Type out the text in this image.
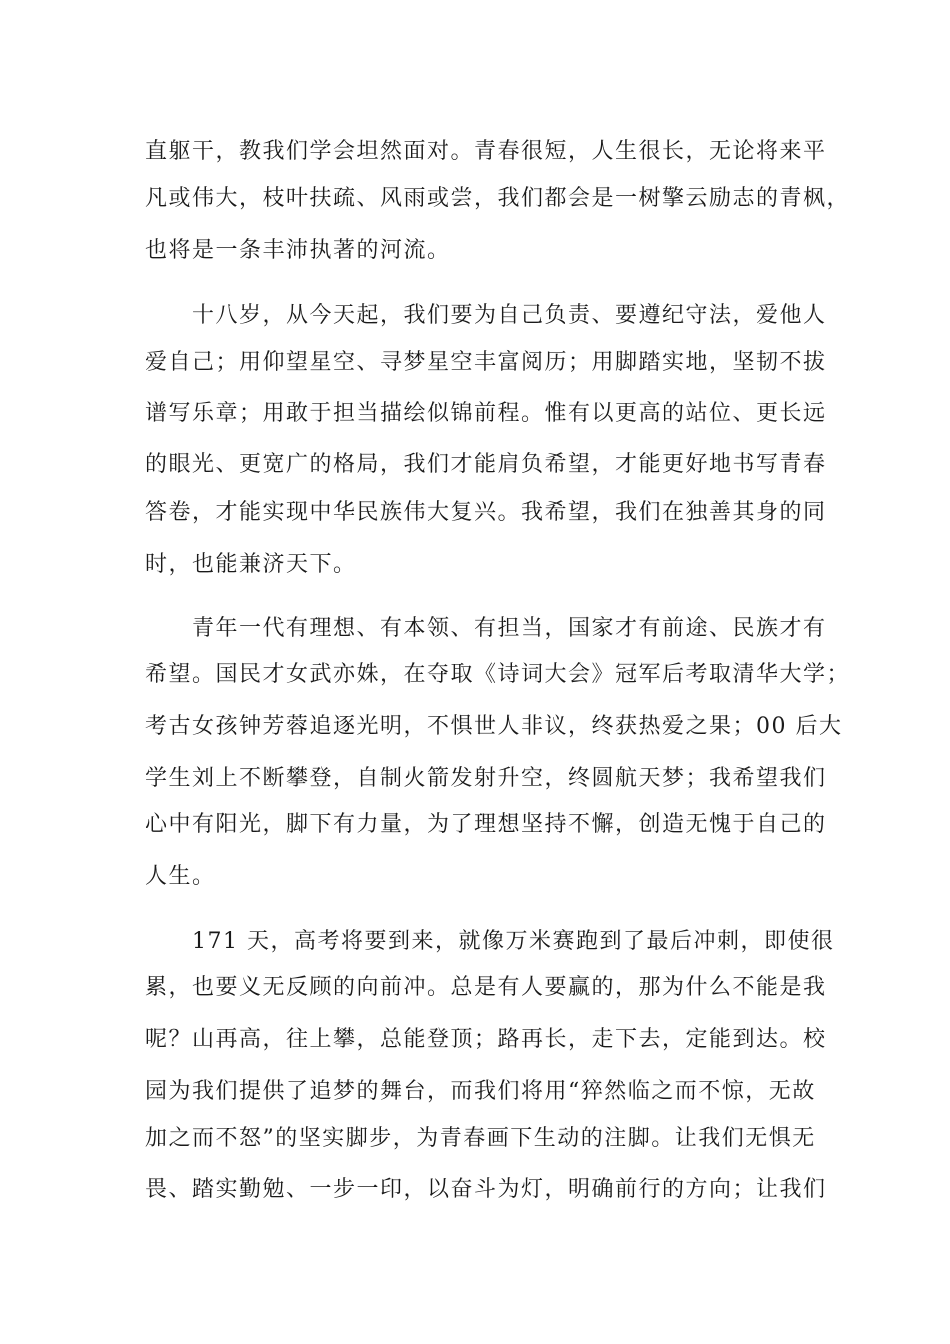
直躯干，教我们学会坦然面对。青春很短，人生很长，无论将来平
凡或伟大，枝叶扶疏、风雨或尝，我们都会是一树擎云励志的青枫，
也将是一条丰沛执著的河流。
十八岁，从今天起，我们要为自己负责、要遵纪守法，爱他人
爱自己；用仰望星空、寻梦星空丰富阅历；用脚踏实地，坚韧不拔
谱写乐章；用敢于担当描绘似锦前程。惟有以更高的站位、更长远
的眼光、更宽广的格局，我们才能肩负希望，才能更好地书写青春
答卷，才能实现中华民族伟大复兴。我希望，我们在独善其身的同
时，也能兼济天下。
青年一代有理想、有本领、有担当，国家才有前途、民族才有
希望。国民才女武亦姝，在夺取《诗词大会》冠军后考取清华大学；
考古女孩钟芳蓉追逐光明，不惧世人非议，终获热爱之果；00 后大
学生刘上不断攀登，自制火箭发射升空，终圆航天梦；我希望我们
心中有阳光，脚下有力量，为了理想坚持不懈，创造无愧于自己的
人生。
171 天，高考将要到来，就像万米赛跑到了最后冲刺，即使很
累，也要义无反顾的向前冲。总是有人要赢的，那为什么不能是我
呢？山再高，往上攀，总能登顶；路再长，走下去，定能到达。校
园为我们提供了追梦的舞台，而我们将用“猝然临之而不惊，无故
加之而不怒”的坚实脚步，为青春画下生动的注脚。让我们无惧无
畏、踏实勤勉、一步一印，以奋斗为灯，明确前行的方向；让我们
